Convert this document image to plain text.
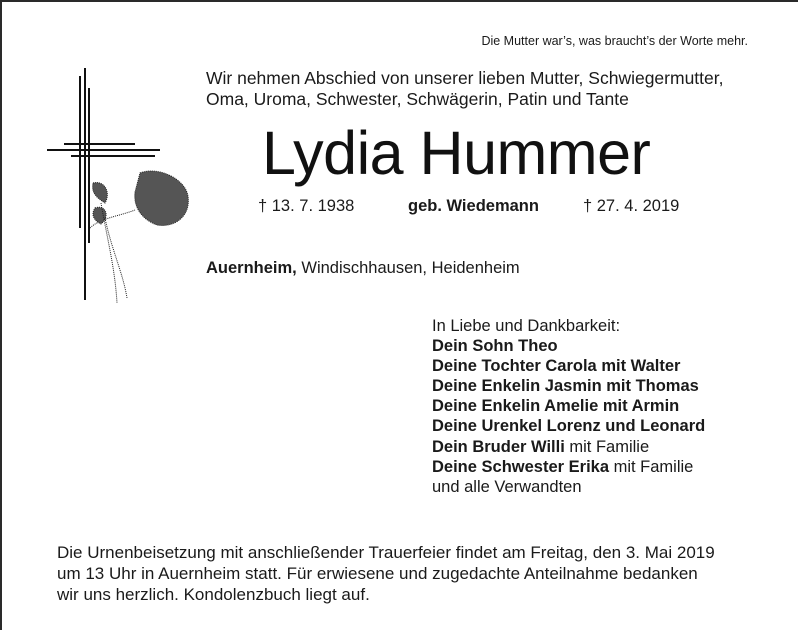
Die Mutter war’s, was braucht’s der Worte mehr.
Wir nehmen Abschied von unserer lieben Mutter, Schwiegermutter,
Oma, Uroma, Schwester, Schwägerin, Patin und Tante
Lydia Hummer
† 13. 7. 1938	geb. Wiedemann	† 27. 4. 2019
Auernheim, Windischhausen, Heidenheim
In Liebe und Dankbarkeit:
Dein Sohn Theo
Deine Tochter Carola mit Walter
Deine Enkelin Jasmin mit Thomas
Deine Enkelin Amelie mit Armin
Deine Urenkel Lorenz und Leonard
Dein Bruder Willi mit Familie
Deine Schwester Erika mit Familie
und alle Verwandten
Die Urnenbeisetzung mit anschließender Trauerfeier findet am Freitag, den 3. Mai 2019
um 13 Uhr in Auernheim statt. Für erwiesene und zugedachte Anteilnahme bedanken
wir uns herzlich. Kondolenzbuch liegt auf.
